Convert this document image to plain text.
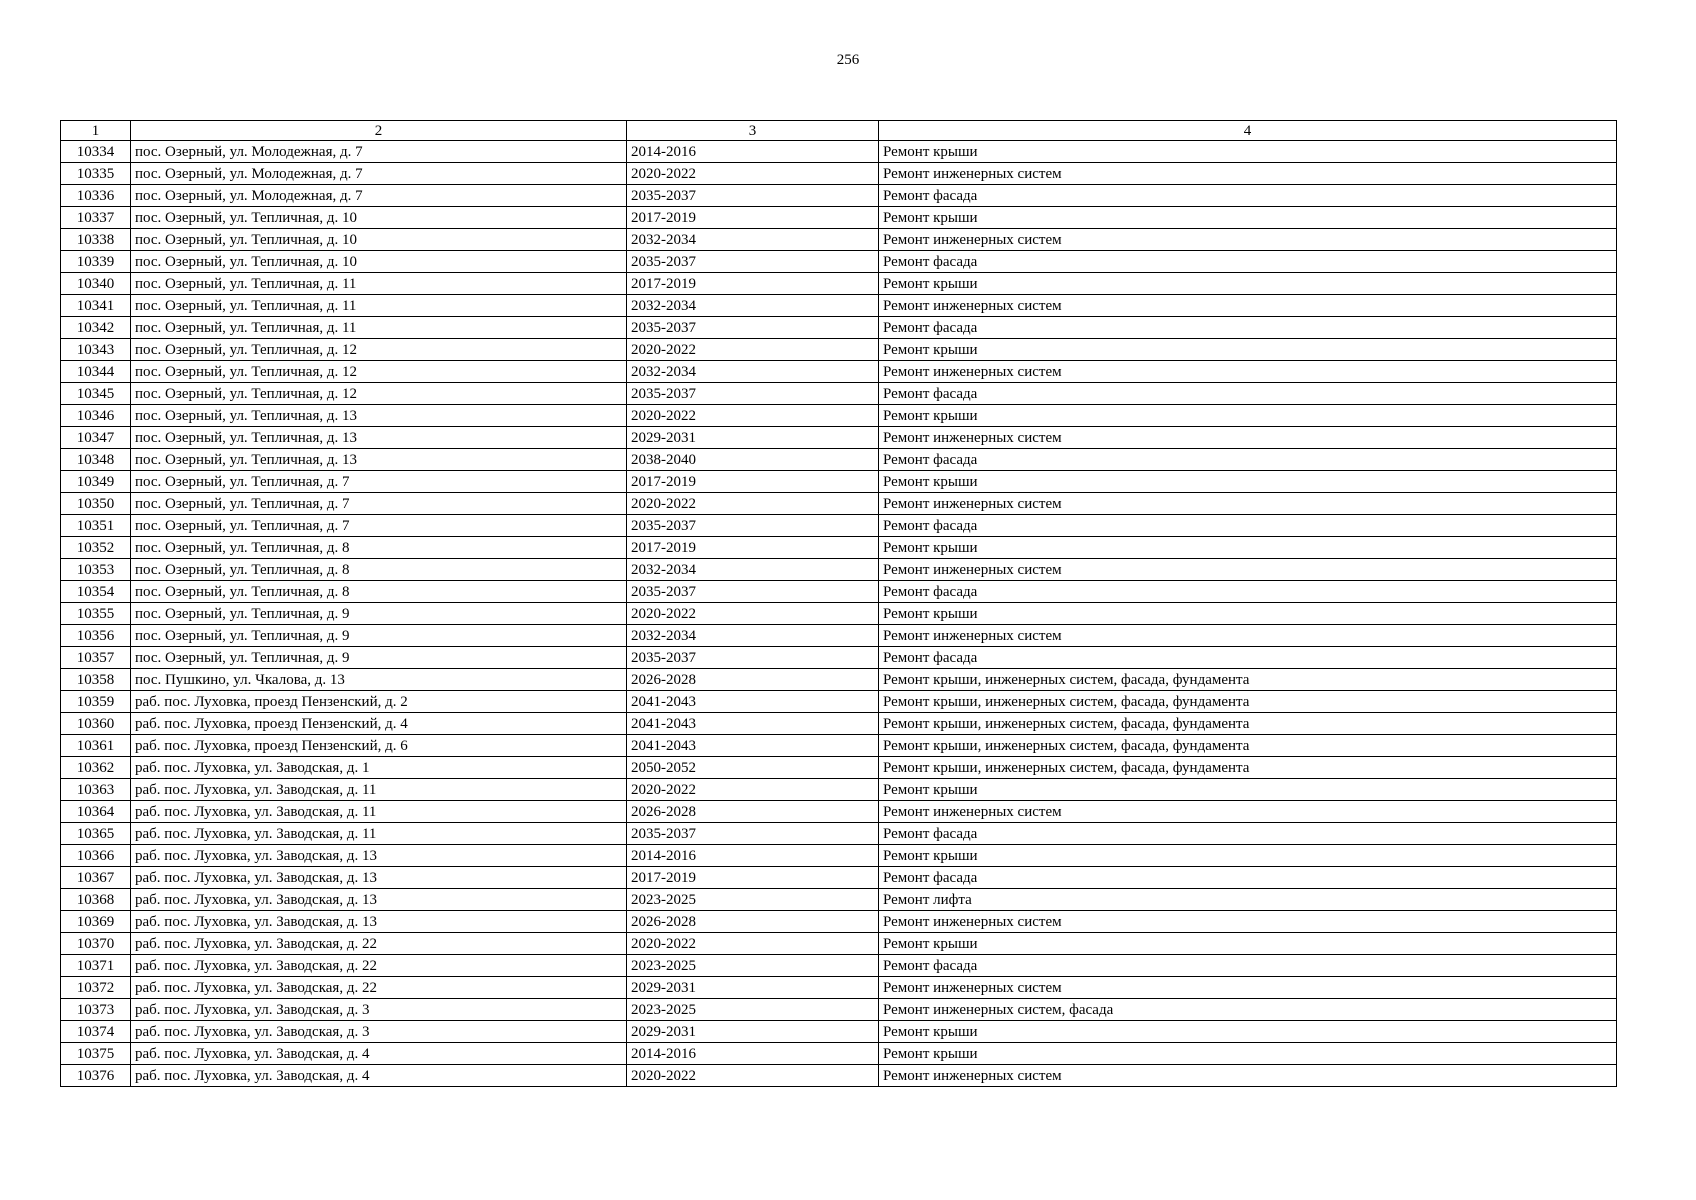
256
1	2	3	4
10334	пос. Озерный, ул. Молодежная, д. 7	2014-2016	Ремонт крыши
10335	пос. Озерный, ул. Молодежная, д. 7	2020-2022	Ремонт инженерных систем
10336	пос. Озерный, ул. Молодежная, д. 7	2035-2037	Ремонт фасада
10337	пос. Озерный, ул. Тепличная, д. 10	2017-2019	Ремонт крыши
10338	пос. Озерный, ул. Тепличная, д. 10	2032-2034	Ремонт инженерных систем
10339	пос. Озерный, ул. Тепличная, д. 10	2035-2037	Ремонт фасада
10340	пос. Озерный, ул. Тепличная, д. 11	2017-2019	Ремонт крыши
10341	пос. Озерный, ул. Тепличная, д. 11	2032-2034	Ремонт инженерных систем
10342	пос. Озерный, ул. Тепличная, д. 11	2035-2037	Ремонт фасада
10343	пос. Озерный, ул. Тепличная, д. 12	2020-2022	Ремонт крыши
10344	пос. Озерный, ул. Тепличная, д. 12	2032-2034	Ремонт инженерных систем
10345	пос. Озерный, ул. Тепличная, д. 12	2035-2037	Ремонт фасада
10346	пос. Озерный, ул. Тепличная, д. 13	2020-2022	Ремонт крыши
10347	пос. Озерный, ул. Тепличная, д. 13	2029-2031	Ремонт инженерных систем
10348	пос. Озерный, ул. Тепличная, д. 13	2038-2040	Ремонт фасада
10349	пос. Озерный, ул. Тепличная, д. 7	2017-2019	Ремонт крыши
10350	пос. Озерный, ул. Тепличная, д. 7	2020-2022	Ремонт инженерных систем
10351	пос. Озерный, ул. Тепличная, д. 7	2035-2037	Ремонт фасада
10352	пос. Озерный, ул. Тепличная, д. 8	2017-2019	Ремонт крыши
10353	пос. Озерный, ул. Тепличная, д. 8	2032-2034	Ремонт инженерных систем
10354	пос. Озерный, ул. Тепличная, д. 8	2035-2037	Ремонт фасада
10355	пос. Озерный, ул. Тепличная, д. 9	2020-2022	Ремонт крыши
10356	пос. Озерный, ул. Тепличная, д. 9	2032-2034	Ремонт инженерных систем
10357	пос. Озерный, ул. Тепличная, д. 9	2035-2037	Ремонт фасада
10358	пос. Пушкино, ул. Чкалова, д. 13	2026-2028	Ремонт крыши, инженерных систем, фасада, фундамента
10359	раб. пос. Луховка, проезд Пензенский, д. 2	2041-2043	Ремонт крыши, инженерных систем, фасада, фундамента
10360	раб. пос. Луховка, проезд Пензенский, д. 4	2041-2043	Ремонт крыши, инженерных систем, фасада, фундамента
10361	раб. пос. Луховка, проезд Пензенский, д. 6	2041-2043	Ремонт крыши, инженерных систем, фасада, фундамента
10362	раб. пос. Луховка, ул. Заводская, д. 1	2050-2052	Ремонт крыши, инженерных систем, фасада, фундамента
10363	раб. пос. Луховка, ул. Заводская, д. 11	2020-2022	Ремонт крыши
10364	раб. пос. Луховка, ул. Заводская, д. 11	2026-2028	Ремонт инженерных систем
10365	раб. пос. Луховка, ул. Заводская, д. 11	2035-2037	Ремонт фасада
10366	раб. пос. Луховка, ул. Заводская, д. 13	2014-2016	Ремонт крыши
10367	раб. пос. Луховка, ул. Заводская, д. 13	2017-2019	Ремонт фасада
10368	раб. пос. Луховка, ул. Заводская, д. 13	2023-2025	Ремонт лифта
10369	раб. пос. Луховка, ул. Заводская, д. 13	2026-2028	Ремонт инженерных систем
10370	раб. пос. Луховка, ул. Заводская, д. 22	2020-2022	Ремонт крыши
10371	раб. пос. Луховка, ул. Заводская, д. 22	2023-2025	Ремонт фасада
10372	раб. пос. Луховка, ул. Заводская, д. 22	2029-2031	Ремонт инженерных систем
10373	раб. пос. Луховка, ул. Заводская, д. 3	2023-2025	Ремонт инженерных систем, фасада
10374	раб. пос. Луховка, ул. Заводская, д. 3	2029-2031	Ремонт крыши
10375	раб. пос. Луховка, ул. Заводская, д. 4	2014-2016	Ремонт крыши
10376	раб. пос. Луховка, ул. Заводская, д. 4	2020-2022	Ремонт инженерных систем
